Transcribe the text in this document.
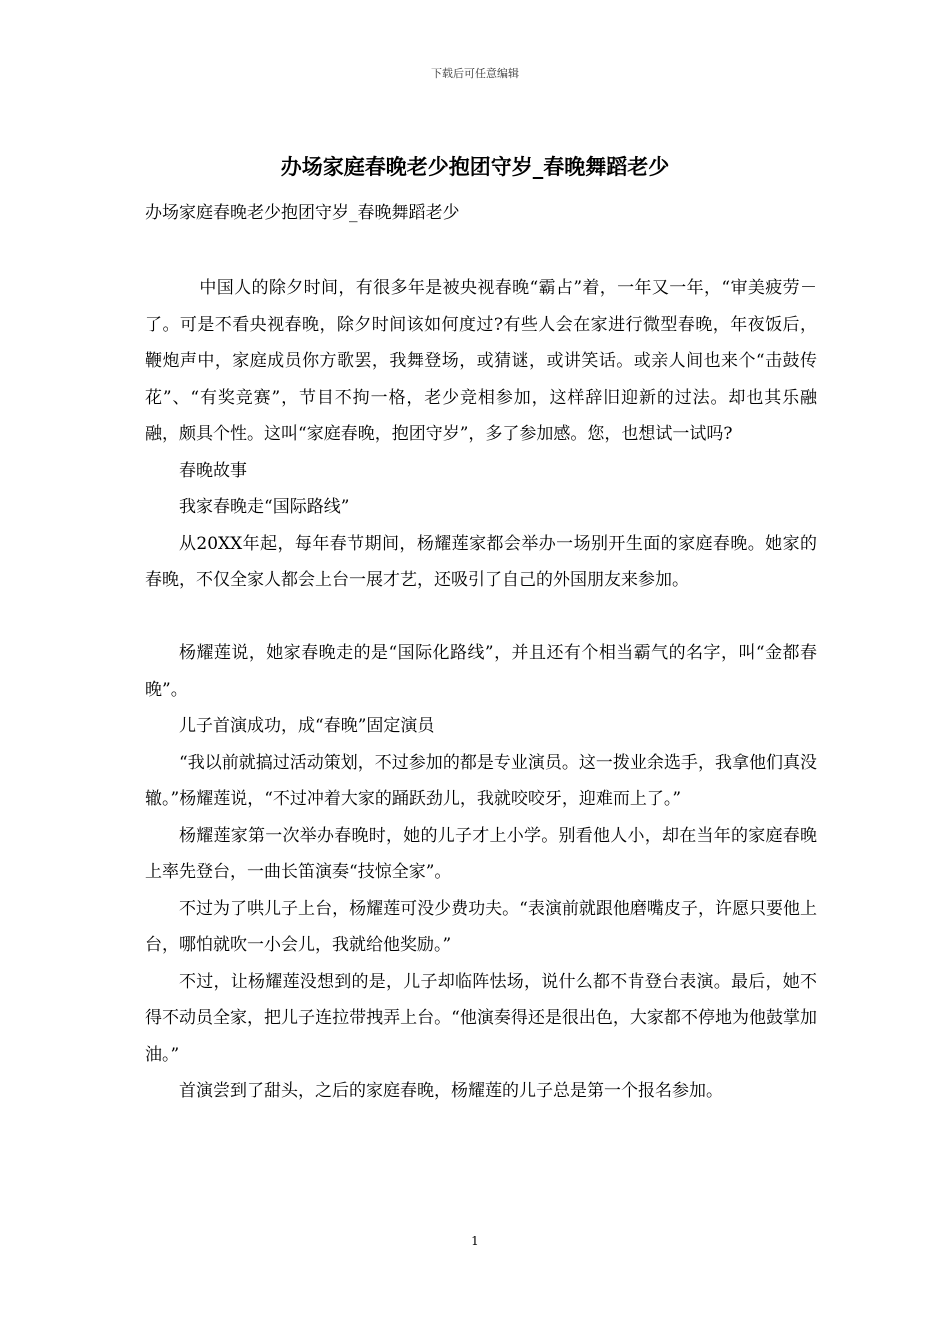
下载后可任意编辑
办场家庭春晚老少抱团守岁_春晚舞蹈老少
办场家庭春晚老少抱团守岁_春晚舞蹈老少

中国人的除夕时间，有很多年是被央视春晚“霸占”着，一年又一年，“审美疲劳－了。可是不看央视春晚，除夕时间该如何度过?有些人会在家进行微型春晚，年夜饭后，鞭炮声中，家庭成员你方歌罢，我舞登场，或猜谜，或讲笑话。或亲人间也来个“击鼓传花”、“有奖竞赛”，节目不拘一格，老少竞相参加，这样辞旧迎新的过法。却也其乐融融，颇具个性。这叫“家庭春晚，抱团守岁”，多了参加感。您，也想试一试吗?

春晚故事

我家春晚走“国际路线”

从20XX年起，每年春节期间，杨耀莲家都会举办一场别开生面的家庭春晚。她家的春晚，不仅全家人都会上台一展才艺，还吸引了自己的外国朋友来参加。

杨耀莲说，她家春晚走的是“国际化路线”，并且还有个相当霸气的名字，叫“金都春晚”。

儿子首演成功，成“春晚”固定演员

“我以前就搞过活动策划，不过参加的都是专业演员。这一拨业余选手，我拿他们真没辙。”杨耀莲说，“不过冲着大家的踊跃劲儿，我就咬咬牙，迎难而上了。”

杨耀莲家第一次举办春晚时，她的儿子才上小学。别看他人小，却在当年的家庭春晚上率先登台，一曲长笛演奏“技惊全家”。

不过为了哄儿子上台，杨耀莲可没少费功夫。“表演前就跟他磨嘴皮子，许愿只要他上台，哪怕就吹一小会儿，我就给他奖励。”

不过，让杨耀莲没想到的是，儿子却临阵怯场，说什么都不肯登台表演。最后，她不得不动员全家，把儿子连拉带拽弄上台。“他演奏得还是很出色，大家都不停地为他鼓掌加油。”

首演尝到了甜头，之后的家庭春晚，杨耀莲的儿子总是第一个报名参加。

1
